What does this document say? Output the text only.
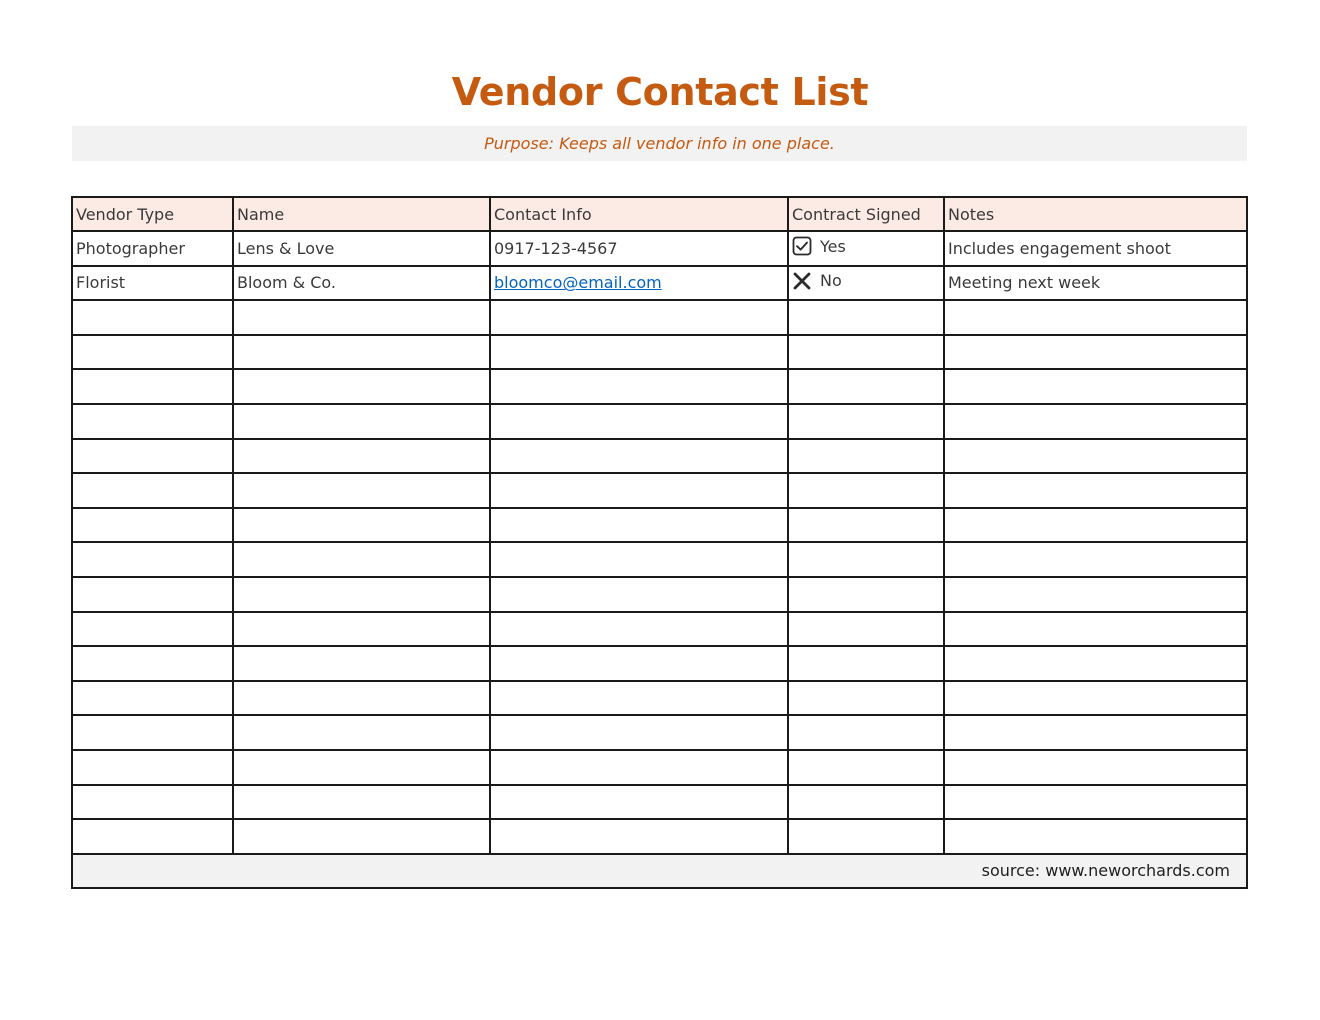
Vendor Contact List
Purpose: Keeps all vendor info in one place.
Vendor Type	Name	Contact Info	Contract Signed	Notes
Photographer	Lens & Love	0917-123-4567	Yes	Includes engagement shoot
Florist	Bloom & Co.	bloomco@email.com	No	Meeting next week

source: www.neworchards.com				
